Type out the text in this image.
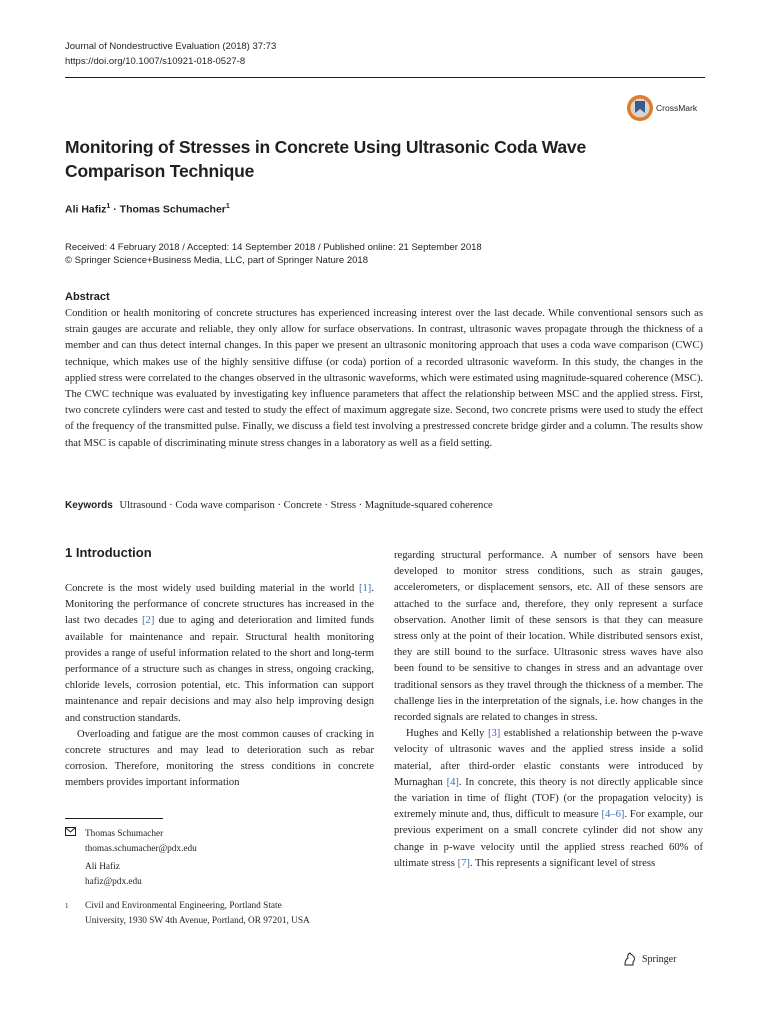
Journal of Nondestructive Evaluation (2018) 37:73
https://doi.org/10.1007/s10921-018-0527-8
CrossMark
Monitoring of Stresses in Concrete Using Ultrasonic Coda Wave Comparison Technique
Ali Hafiz$^1$ · Thomas Schumacher$^1$
Received: 4 February 2018 / Accepted: 14 September 2018 / Published online: 21 September 2018
© Springer Science+Business Media, LLC, part of Springer Nature 2018
Abstract
Condition or health monitoring of concrete structures has experienced increasing interest over the last decade. While conventional sensors such as strain gauges are accurate and reliable, they only allow for surface observations. In contrast, ultrasonic waves propagate through the thickness of a member and can thus detect internal changes. In this paper we present an ultrasonic monitoring approach that uses a coda wave comparison (CWC) technique, which makes use of the highly sensitive diffuse (or coda) portion of a recorded ultrasonic waveform. In this study, the changes in the applied stress were correlated to the changes observed in the ultrasonic waveforms, which were estimated using magnitude-squared coherence (MSC). The CWC technique was evaluated by investigating key influence parameters that affect the relationship between MSC and the applied stress. First, two concrete cylinders were cast and tested to study the effect of maximum aggregate size. Second, two concrete prisms were used to study the effect of the frequency of the transmitted pulse. Finally, we discuss a field test involving a prestressed concrete bridge girder and a column. The results show that MSC is capable of discriminating minute stress changes in a laboratory as well as a field setting.
Keywords Ultrasound · Coda wave comparison · Concrete · Stress · Magnitude-squared coherence
1 Introduction

Concrete is the most widely used building material in the world [1]. Monitoring the performance of concrete structures has increased in the last two decades [2] due to aging and deterioration and limited funds available for maintenance and repair. Structural health monitoring provides a range of useful information related to the short and long-term performance of a structure such as changes in stress, ongoing cracking, chloride levels, corrosion potential, etc. This information can support maintenance and repair decisions and may also help improving design and construction standards.

Overloading and fatigue are the most common causes of cracking in concrete structures and may lead to deterioration such as rebar corrosion. Therefore, monitoring the stress conditions in concrete members provides important information

regarding structural performance. A number of sensors have been developed to monitor stress conditions, such as strain gauges, accelerometers, or displacement sensors, etc. All of these sensors are attached to the surface and, therefore, they only represent a surface observation. Another limit of these sensors is that they can measure stress only at the point of their location. While distributed sensors exist, they are still bound to the surface. Ultrasonic stress waves have also been found to be sensitive to changes in stress and an advantage over traditional sensors as they travel through the thickness of a member. The challenge lies in the interpretation of the signals, i.e. how changes in the recorded signals are related to changes in stress.

Hughes and Kelly [3] established a relationship between the p-wave velocity of ultrasonic waves and the applied stress inside a solid material, after third-order elastic constants were introduced by Murnaghan [4]. In concrete, this theory is not directly applicable since the variation in time of flight (TOF) (or the propagation velocity) is extremely minute and, thus, difficult to measure [4–6]. For example, our previous experiment on a small concrete cylinder did not show any change in p-wave velocity until the applied stress reached 60% of ultimate stress [7]. This represents a significant level of stress

Thomas Schumacher
thomas.schumacher@pdx.edu
Ali Hafiz
hafiz@pdx.edu
1	Civil and Environmental Engineering, Portland State
University, 1930 SW 4th Avenue, Portland, OR 97201, USA
Springer
